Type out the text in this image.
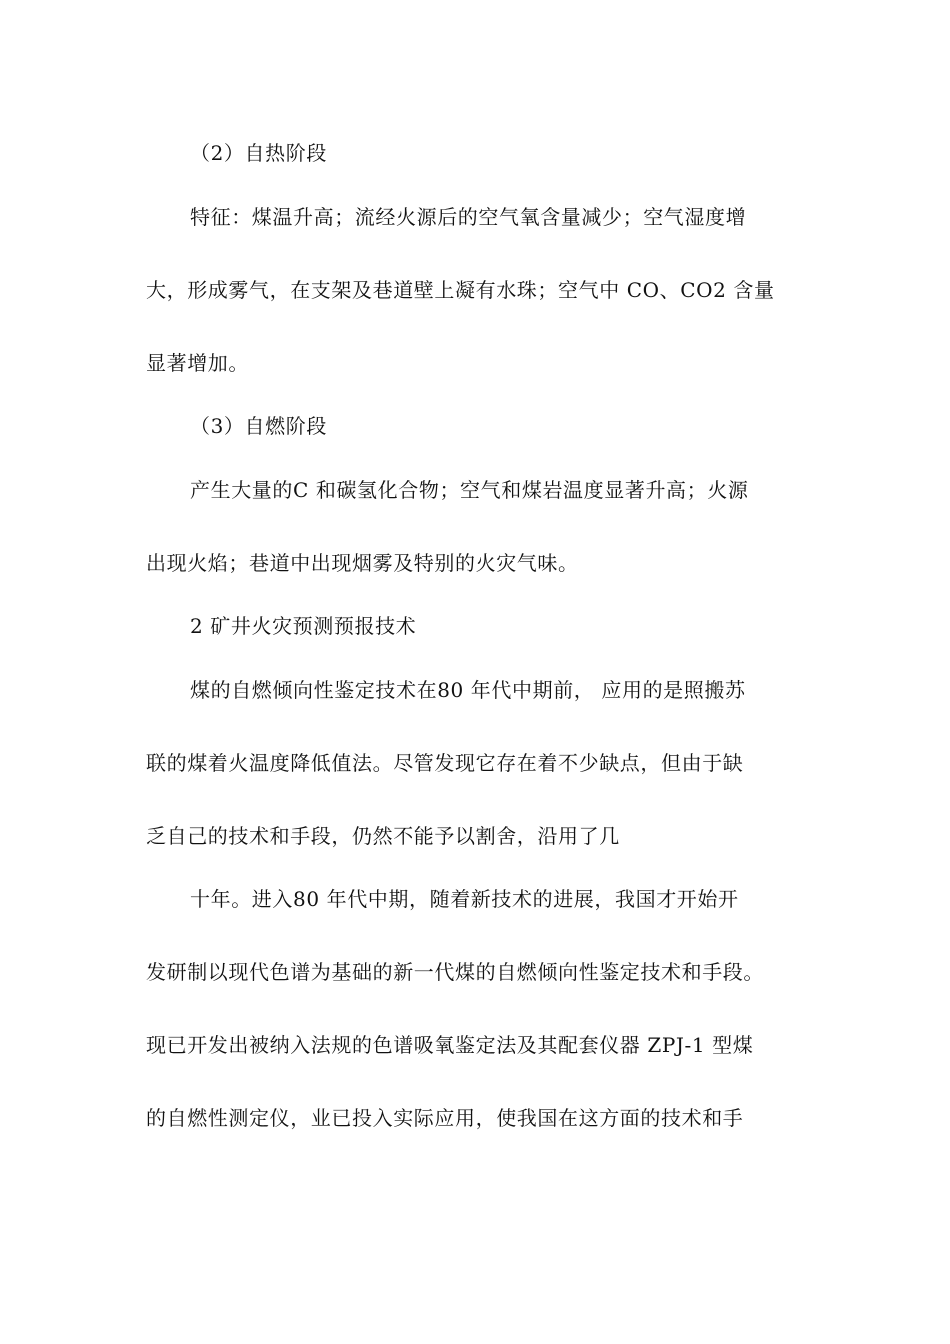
（2）自热阶段
特征：煤温升高；流经火源后的空气氧含量减少；空气湿度增
大，形成雾气，在支架及巷道壁上凝有水珠；空气中 CO、CO2 含量
显著增加。
（3）自燃阶段
产生大量的C 和碳氢化合物；空气和煤岩温度显著升高；火源
出现火焰；巷道中出现烟雾及特别的火灾气味。
2 矿井火灾预测预报技术
煤的自燃倾向性鉴定技术在80 年代中期前， 应用的是照搬苏
联的煤着火温度降低值法。尽管发现它存在着不少缺点，但由于缺
乏自己的技术和手段，仍然不能予以割舍，沿用了几
十年。进入80 年代中期，随着新技术的进展，我国才开始开
发研制以现代色谱为基础的新一代煤的自燃倾向性鉴定技术和手段。
现已开发出被纳入法规的色谱吸氧鉴定法及其配套仪器 ZPJ-1 型煤
的自燃性测定仪，业已投入实际应用，使我国在这方面的技术和手
